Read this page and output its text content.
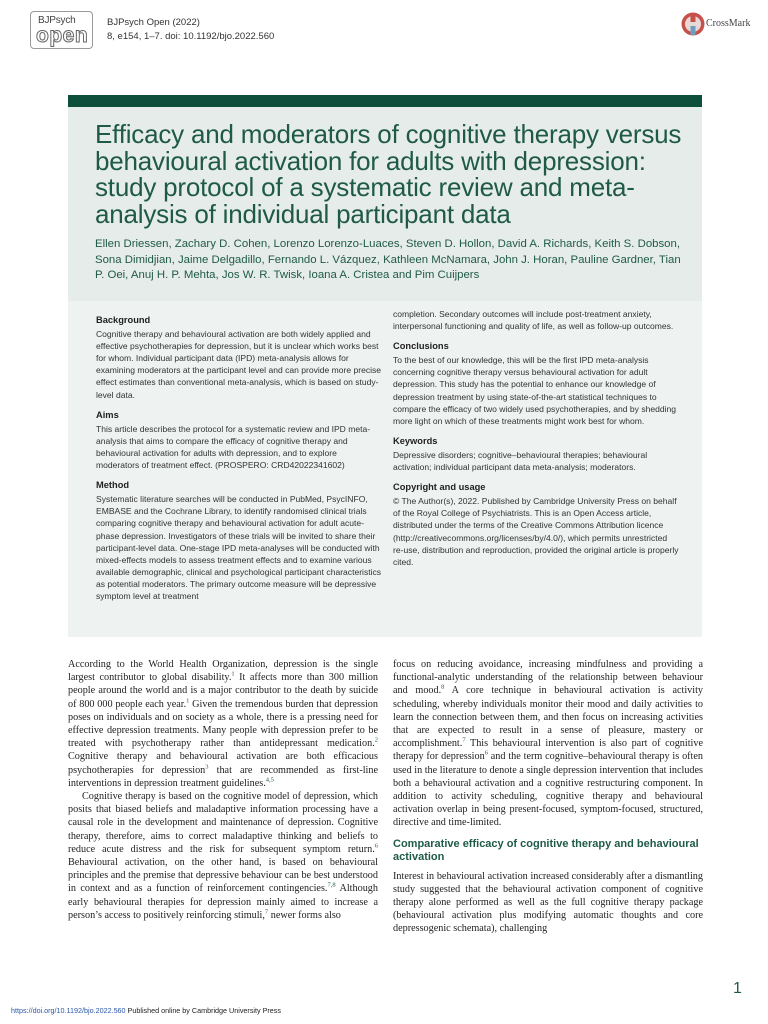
BJPsych
open
BJPsych Open (2022)
8, e154, 1–7. doi: 10.1192/bjo.2022.560
CrossMark
Efficacy and moderators of cognitive therapy versus behavioural activation for adults with depression: study protocol of a systematic review and meta-analysis of individual participant data

Ellen Driessen, Zachary D. Cohen, Lorenzo Lorenzo-Luaces, Steven D. Hollon, David A. Richards, Keith S. Dobson, Sona Dimidjian, Jaime Delgadillo, Fernando L. Vázquez, Kathleen McNamara, John J. Horan, Pauline Gardner, Tian P. Oei, Anuj H. P. Mehta, Jos W. R. Twisk, Ioana A. Cristea and Pim Cuijpers

Background

Cognitive therapy and behavioural activation are both widely applied and effective psychotherapies for depression, but it is unclear which works best for whom. Individual participant data (IPD) meta-analysis allows for examining moderators at the participant level and can provide more precise effect estimates than conventional meta-analysis, which is based on study-level data.

Aims

This article describes the protocol for a systematic review and IPD meta-analysis that aims to compare the efficacy of cognitive therapy and behavioural activation for adults with depression, and to explore moderators of treatment effect. (PROSPERO: CRD42022341602)

Method

Systematic literature searches will be conducted in PubMed, PsycINFO, EMBASE and the Cochrane Library, to identify randomised clinical trials comparing cognitive therapy and behavioural activation for adult acute-phase depression. Investigators of these trials will be invited to share their participant-level data. One-stage IPD meta-analyses will be conducted with mixed-effects models to assess treatment effects and to examine various available demographic, clinical and psychological participant characteristics as potential moderators. The primary outcome measure will be depressive symptom level at treatment

completion. Secondary outcomes will include post-treatment anxiety, interpersonal functioning and quality of life, as well as follow-up outcomes.

Conclusions

To the best of our knowledge, this will be the first IPD meta-analysis concerning cognitive therapy versus behavioural activation for adult depression. This study has the potential to enhance our knowledge of depression treatment by using state-of-the-art statistical techniques to compare the efficacy of two widely used psychotherapies, and by shedding more light on which of these treatments might work best for whom.

Keywords

Depressive disorders; cognitive–behavioural therapies; behavioural activation; individual participant data meta-analysis; moderators.

Copyright and usage

© The Author(s), 2022. Published by Cambridge University Press on behalf of the Royal College of Psychiatrists. This is an Open Access article, distributed under the terms of the Creative Commons Attribution licence (http://creativecommons.org/licenses/by/4.0/), which permits unrestricted re-use, distribution and reproduction, provided the original article is properly cited.

According to the World Health Organization, depression is the single largest contributor to global disability.$^1$ It affects more than 300 million people around the world and is a major contributor to the death by suicide of 800 000 people each year.$^1$ Given the tremendous burden that depression poses on individuals and on society as a whole, there is a pressing need for effective depression treatments. Many people with depression prefer to be treated with psychotherapy rather than antidepressant medication.$^2$ Cognitive therapy and behavioural activation are both efficacious psychotherapies for depression$^3$ that are recommended as first-line interventions in depression treatment guidelines.$^{4,5}$

Cognitive therapy is based on the cognitive model of depression, which posits that biased beliefs and maladaptive information processing have a causal role in the development and maintenance of depression. Cognitive therapy, therefore, aims to correct maladaptive thinking and beliefs to reduce acute distress and the risk for subsequent symptom return.$^6$ Behavioural activation, on the other hand, is based on behavioural principles and the premise that depressive behaviour can be best understood in context and as a function of reinforcement contingencies.$^{7,8}$ Although early behavioural therapies for depression mainly aimed to increase a person’s access to positively reinforcing stimuli,$^7$ newer forms also

focus on reducing avoidance, increasing mindfulness and providing a functional-analytic understanding of the relationship between behaviour and mood.$^8$ A core technique in behavioural activation is activity scheduling, whereby individuals monitor their mood and daily activities to learn the connection between them, and then focus on increasing activities that are expected to result in a sense of pleasure, mastery or accomplishment.$^7$ This behavioural intervention is also part of cognitive therapy for depression$^6$ and the term cognitive–behavioural therapy is often used in the literature to denote a single depression intervention that includes both a behavioural activation and a cognitive restructuring component. In addition to activity scheduling, cognitive therapy and behavioural activation overlap in being present-focused, symptom-focused, structured, directive and time-limited.

Comparative efficacy of cognitive therapy and behavioural activation

Interest in behavioural activation increased considerably after a dismantling study suggested that the behavioural activation component of cognitive therapy alone performed as well as the full cognitive therapy package (behavioural activation plus modifying automatic thoughts and core depressogenic schemata), challenging

https://doi.org/10.1192/bjo.2022.560 Published online by Cambridge University Press
1
